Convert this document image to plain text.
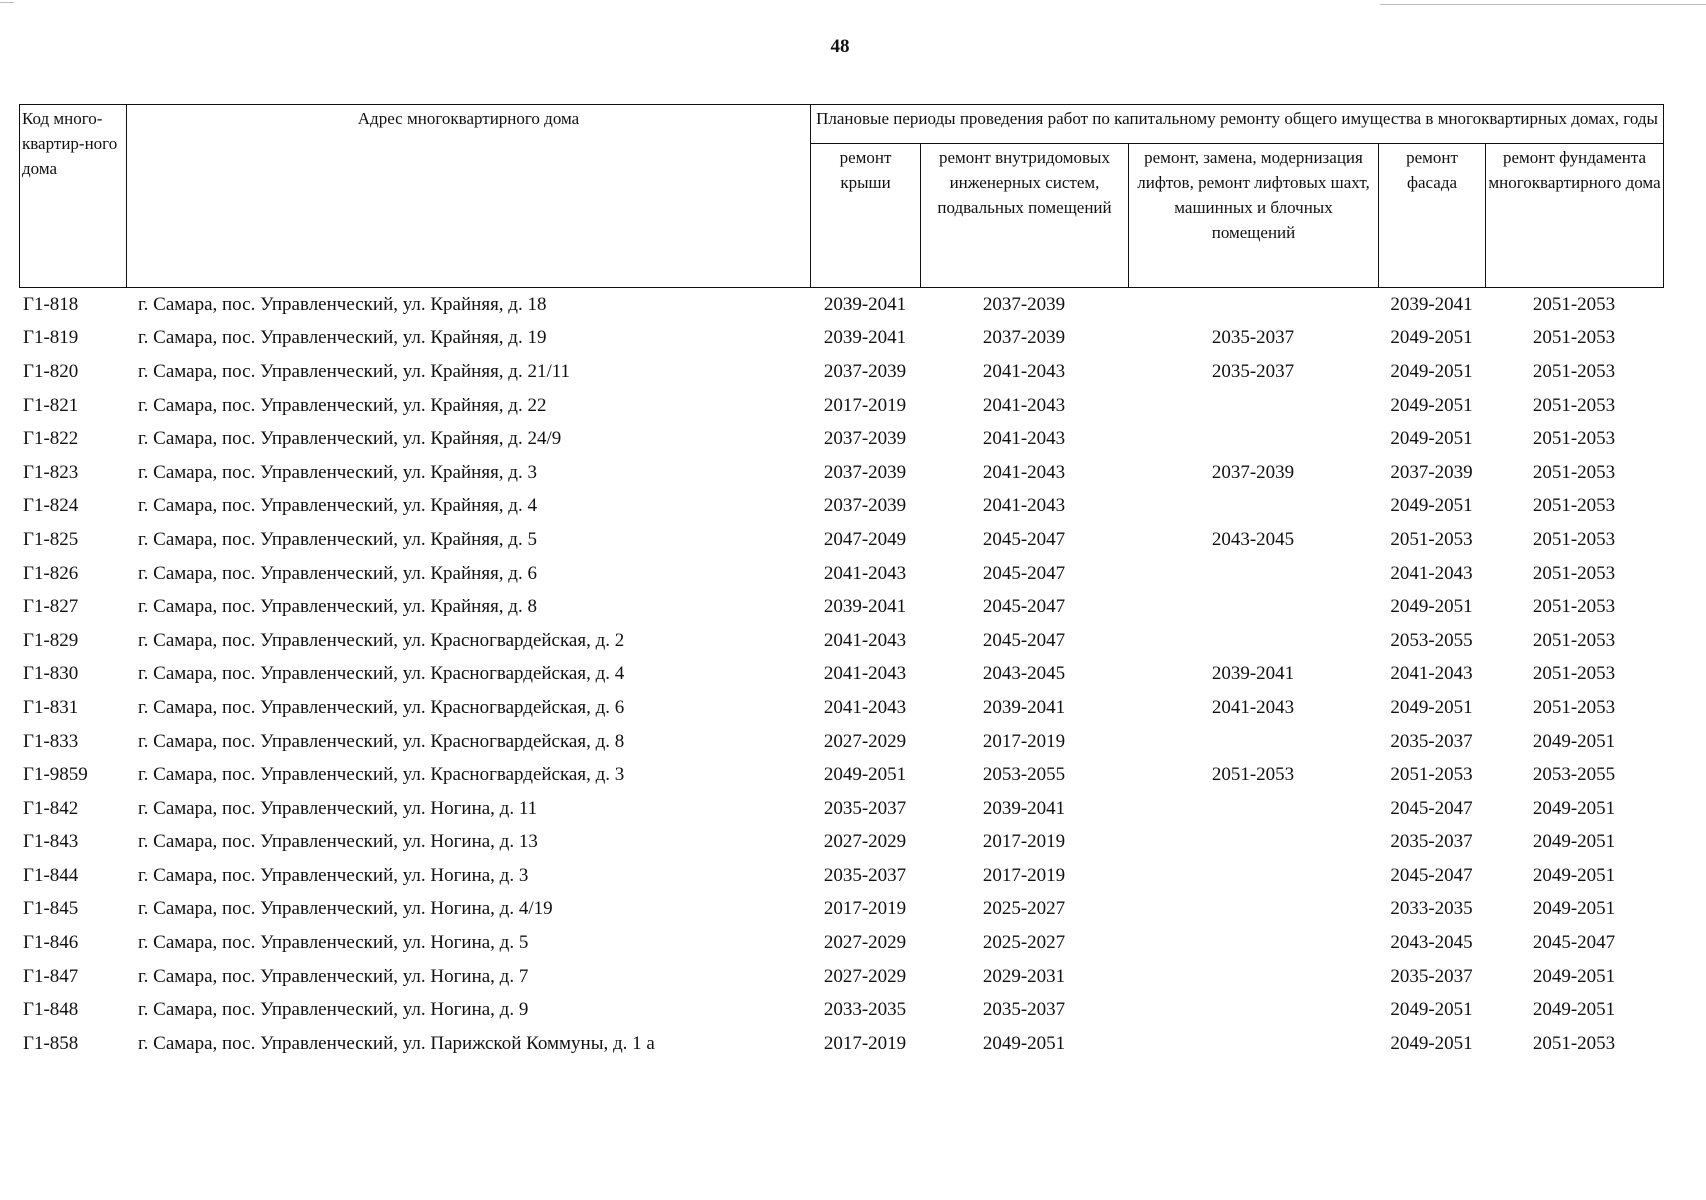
48
Код много-квартир-ного дома	Адрес многоквартирного дома	Плановые периоды проведения работ по капитальному ремонту общего имущества в многоквартирных домах, годы				
		ремонт крыши	ремонт внутридомовых инженерных систем, подвальных помещений	ремонт, замена, модернизация лифтов, ремонт лифтовых шахт, машинных и блочных помещений	ремонт фасада	ремонт фундамента многоквартирного дома
Г1-818	г. Самара, пос. Управленческий, ул. Крайняя, д. 18	2039-2041	2037-2039		2039-2041	2051-2053
Г1-819	г. Самара, пос. Управленческий, ул. Крайняя, д. 19	2039-2041	2037-2039	2035-2037	2049-2051	2051-2053
Г1-820	г. Самара, пос. Управленческий, ул. Крайняя, д. 21/11	2037-2039	2041-2043	2035-2037	2049-2051	2051-2053
Г1-821	г. Самара, пос. Управленческий, ул. Крайняя, д. 22	2017-2019	2041-2043		2049-2051	2051-2053
Г1-822	г. Самара, пос. Управленческий, ул. Крайняя, д. 24/9	2037-2039	2041-2043		2049-2051	2051-2053
Г1-823	г. Самара, пос. Управленческий, ул. Крайняя, д. 3	2037-2039	2041-2043	2037-2039	2037-2039	2051-2053
Г1-824	г. Самара, пос. Управленческий, ул. Крайняя, д. 4	2037-2039	2041-2043		2049-2051	2051-2053
Г1-825	г. Самара, пос. Управленческий, ул. Крайняя, д. 5	2047-2049	2045-2047	2043-2045	2051-2053	2051-2053
Г1-826	г. Самара, пос. Управленческий, ул. Крайняя, д. 6	2041-2043	2045-2047		2041-2043	2051-2053
Г1-827	г. Самара, пос. Управленческий, ул. Крайняя, д. 8	2039-2041	2045-2047		2049-2051	2051-2053
Г1-829	г. Самара, пос. Управленческий, ул. Красногвардейская, д. 2	2041-2043	2045-2047		2053-2055	2051-2053
Г1-830	г. Самара, пос. Управленческий, ул. Красногвардейская, д. 4	2041-2043	2043-2045	2039-2041	2041-2043	2051-2053
Г1-831	г. Самара, пос. Управленческий, ул. Красногвардейская, д. 6	2041-2043	2039-2041	2041-2043	2049-2051	2051-2053
Г1-833	г. Самара, пос. Управленческий, ул. Красногвардейская, д. 8	2027-2029	2017-2019		2035-2037	2049-2051
Г1-9859	г. Самара, пос. Управленческий, ул. Красногвардейская, д. 3	2049-2051	2053-2055	2051-2053	2051-2053	2053-2055
Г1-842	г. Самара, пос. Управленческий, ул. Ногина, д. 11	2035-2037	2039-2041		2045-2047	2049-2051
Г1-843	г. Самара, пос. Управленческий, ул. Ногина, д. 13	2027-2029	2017-2019		2035-2037	2049-2051
Г1-844	г. Самара, пос. Управленческий, ул. Ногина, д. 3	2035-2037	2017-2019		2045-2047	2049-2051
Г1-845	г. Самара, пос. Управленческий, ул. Ногина, д. 4/19	2017-2019	2025-2027		2033-2035	2049-2051
Г1-846	г. Самара, пос. Управленческий, ул. Ногина, д. 5	2027-2029	2025-2027		2043-2045	2045-2047
Г1-847	г. Самара, пос. Управленческий, ул. Ногина, д. 7	2027-2029	2029-2031		2035-2037	2049-2051
Г1-848	г. Самара, пос. Управленческий, ул. Ногина, д. 9	2033-2035	2035-2037		2049-2051	2049-2051
Г1-858	г. Самара, пос. Управленческий, ул. Парижской Коммуны, д. 1 а	2017-2019	2049-2051		2049-2051	2051-2053
